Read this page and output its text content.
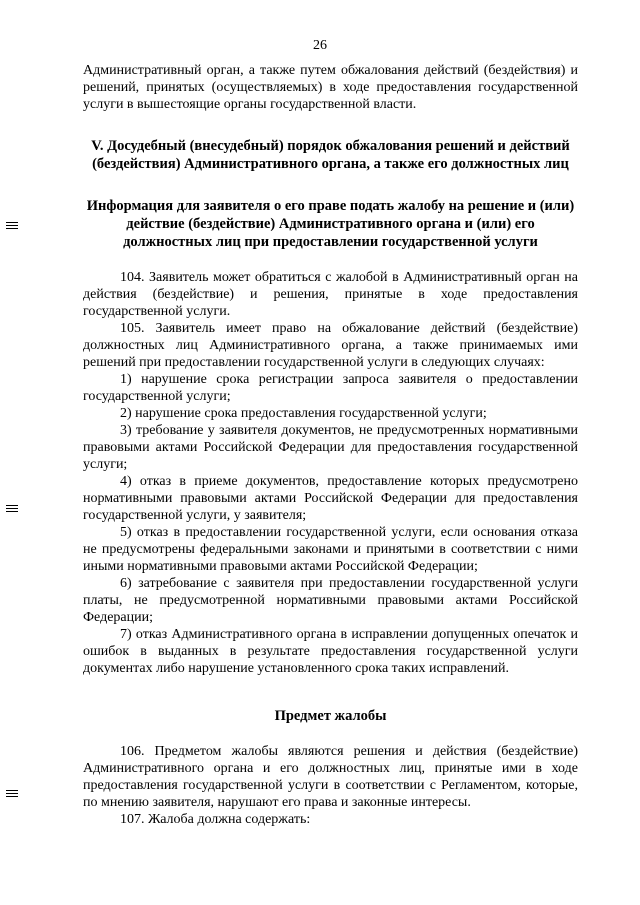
26

Административный орган, а также путем обжалования действий (бездействия) и решений, принятых (осуществляемых) в ходе предоставления государственной услуги в вышестоящие органы государственной власти.

V. Досудебный (внесудебный) порядок обжалования решений и действий (бездействия) Административного органа, а также его должностных лиц

Информация для заявителя о его праве подать жалобу на решение и (или) действие (бездействие) Административного органа и (или) его должностных лиц при предоставлении государственной услуги

104. Заявитель может обратиться с жалобой в Административный орган на действия (бездействие) и решения, принятые в ходе предоставления государственной услуги.

105. Заявитель имеет право на обжалование действий (бездействие) должностных лиц Административного органа, а также принимаемых ими решений при предоставлении государственной услуги в следующих случаях:

1) нарушение срока регистрации запроса заявителя о предоставлении государственной услуги;

2) нарушение срока предоставления государственной услуги;

3) требование у заявителя документов, не предусмотренных нормативными правовыми актами Российской Федерации для предоставления государственной услуги;

4) отказ в приеме документов, предоставление которых предусмотрено нормативными правовыми актами Российской Федерации для предоставления государственной услуги, у заявителя;

5) отказ в предоставлении государственной услуги, если основания отказа не предусмотрены федеральными законами и принятыми в соответствии с ними иными нормативными правовыми актами Российской Федерации;

6) затребование с заявителя при предоставлении государственной услуги платы, не предусмотренной нормативными правовыми актами Российской Федерации;

7) отказ Административного органа в исправлении допущенных опечаток и ошибок в выданных в результате предоставления государственной услуги документах либо нарушение установленного срока таких исправлений.

Предмет жалобы

106. Предметом жалобы являются решения и действия (бездействие) Административного органа и его должностных лиц, принятые ими в ходе предоставления государственной услуги в соответствии с Регламентом, которые, по мнению заявителя, нарушают его права и законные интересы.

107. Жалоба должна содержать:
